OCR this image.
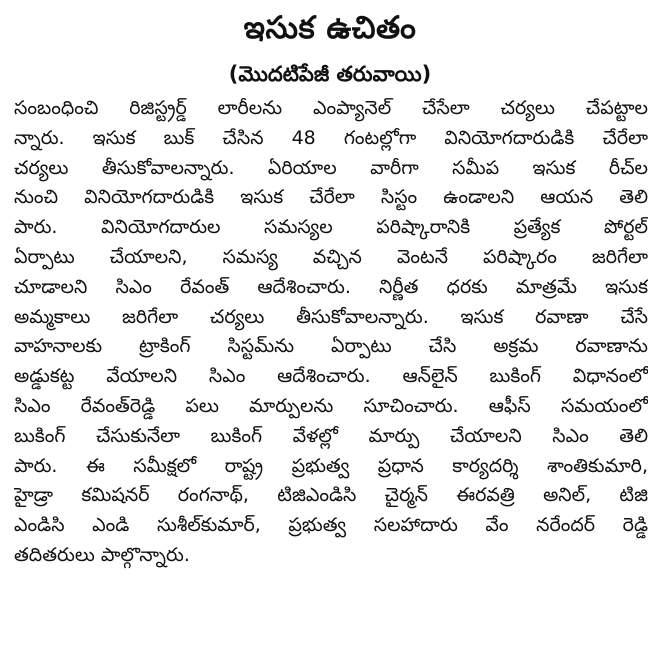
ఇసుక ఉచితం
(మొదటిపేజీ తరువాయి)
సంబంధించి రిజిస్ట్రర్డ్ లారీలను ఎంప్యానెల్ చేసేలా చర్యలు చేపట్టాల
న్నారు. ఇసుక బుక్ చేసిన 48 గంటల్లోగా వినియోగదారుడికి చేరేలా
చర్యలు తీసుకోవాలన్నారు. ఏరియాల వారీగా సమీప ఇసుక రీచ్‌ల
నుంచి వినియోగదారుడికి ఇసుక చేరేలా సిస్టం ఉండాలని ఆయన తెలి
పారు. వినియోగదారుల సమస్యల పరిష్కారానికి ప్రత్యేక పోర్టల్
ఏర్పాటు చేయాలని, సమస్య వచ్చిన వెంటనే పరిష్కారం జరిగేలా
చూడాలని సిఎం రేవంత్ ఆదేశించారు. నిర్ణీత ధరకు మాత్రమే ఇసుక
అమ్మకాలు జరిగేలా చర్యలు తీసుకోవాలన్నారు. ఇసుక రవాణా చేసే
వాహనాలకు ట్రాకింగ్ సిస్టమ్‌ను ఏర్పాటు చేసి అక్రమ రవాణాను
అడ్డుకట్ట వేయాలని సిఎం ఆదేశించారు. ఆన్‌లైన్ బుకింగ్ విధానంలో
సిఎం రేవంత్‌రెడ్డి పలు మార్పులను సూచించారు. ఆఫీస్ సమయంలో
బుకింగ్ చేసుకునేలా బుకింగ్ వేళల్లో మార్పు చేయాలని సిఎం తెలి
పారు. ఈ సమీక్షలో రాష్ట్ర ప్రభుత్వ ప్రధాన కార్యదర్శి శాంతికుమారి,
హైడ్రా కమిషనర్ రంగనాథ్, టిజిఎండిసి చైర్మన్ ఈరవత్రి అనిల్, టిజి
ఎండిసి ఎండి సుశీల్‌కుమార్, ప్రభుత్వ సలహాదారు వేం నరేందర్ రెడ్డి
తదితరులు పాల్గొన్నారు.
